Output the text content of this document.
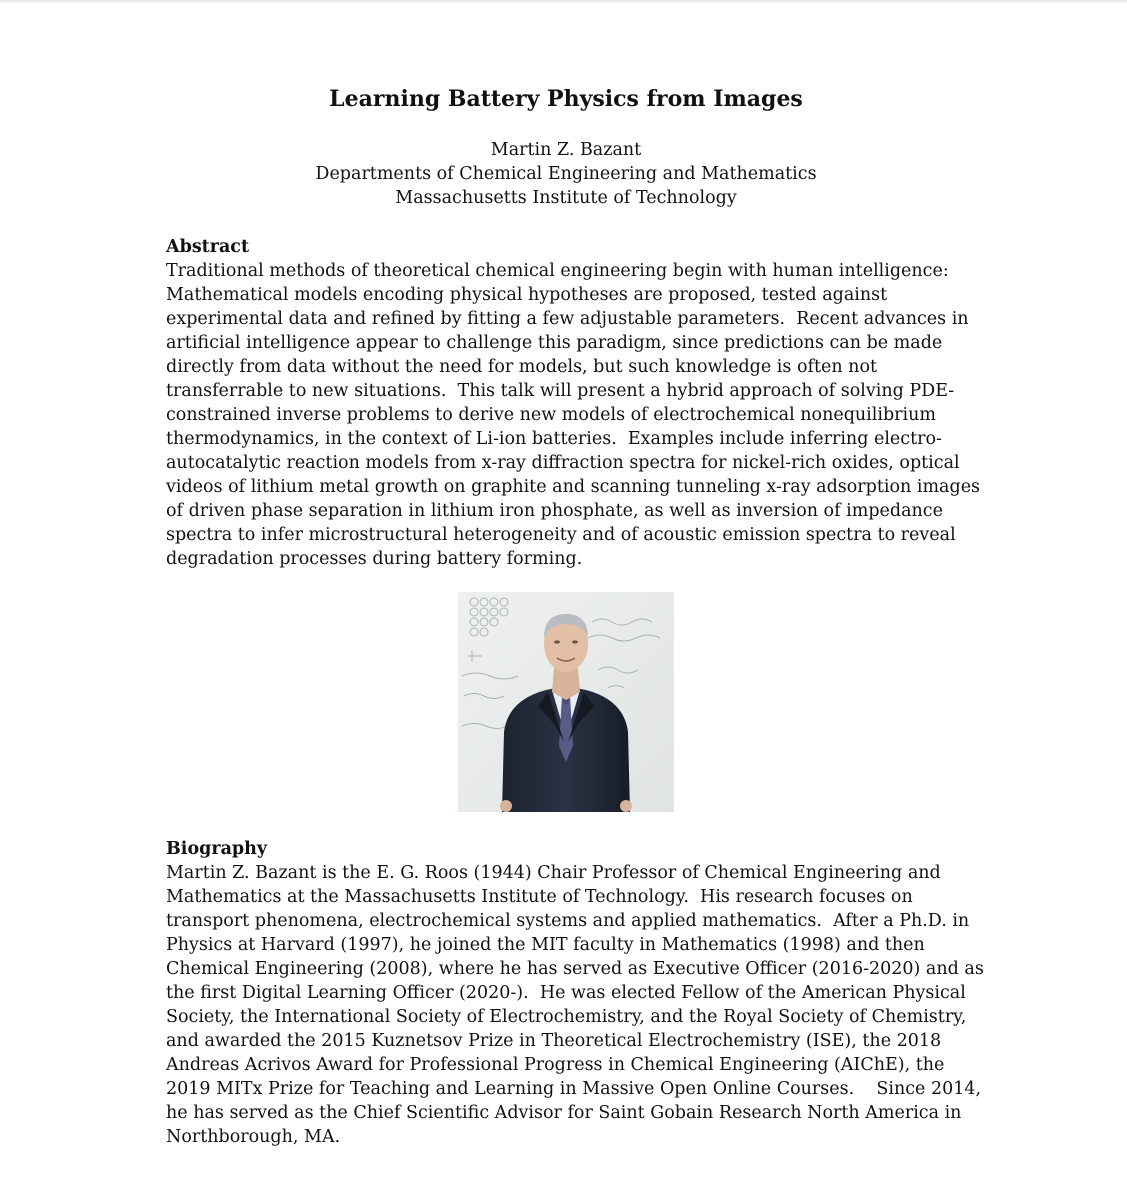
Learning Battery Physics from Images
Martin Z. Bazant
Departments of Chemical Engineering and Mathematics
Massachusetts Institute of Technology
Abstract
Traditional methods of theoretical chemical engineering begin with human intelligence:
Mathematical models encoding physical hypotheses are proposed, tested against
experimental data and refined by fitting a few adjustable parameters.  Recent advances in
artificial intelligence appear to challenge this paradigm, since predictions can be made
directly from data without the need for models, but such knowledge is often not
transferrable to new situations.  This talk will present a hybrid approach of solving PDE-
constrained inverse problems to derive new models of electrochemical nonequilibrium
thermodynamics, in the context of Li-ion batteries.  Examples include inferring electro-
autocatalytic reaction models from x-ray diffraction spectra for nickel-rich oxides, optical
videos of lithium metal growth on graphite and scanning tunneling x-ray adsorption images
of driven phase separation in lithium iron phosphate, as well as inversion of impedance
spectra to infer microstructural heterogeneity and of acoustic emission spectra to reveal
degradation processes during battery forming.
Biography
Martin Z. Bazant is the E. G. Roos (1944) Chair Professor of Chemical Engineering and
Mathematics at the Massachusetts Institute of Technology.  His research focuses on
transport phenomena, electrochemical systems and applied mathematics.  After a Ph.D. in
Physics at Harvard (1997), he joined the MIT faculty in Mathematics (1998) and then
Chemical Engineering (2008), where he has served as Executive Officer (2016-2020) and as
the first Digital Learning Officer (2020-).  He was elected Fellow of the American Physical
Society, the International Society of Electrochemistry, and the Royal Society of Chemistry,
and awarded the 2015 Kuznetsov Prize in Theoretical Electrochemistry (ISE), the 2018
Andreas Acrivos Award for Professional Progress in Chemical Engineering (AIChE), the
2019 MITx Prize for Teaching and Learning in Massive Open Online Courses.    Since 2014,
he has served as the Chief Scientific Advisor for Saint Gobain Research North America in
Northborough, MA.
